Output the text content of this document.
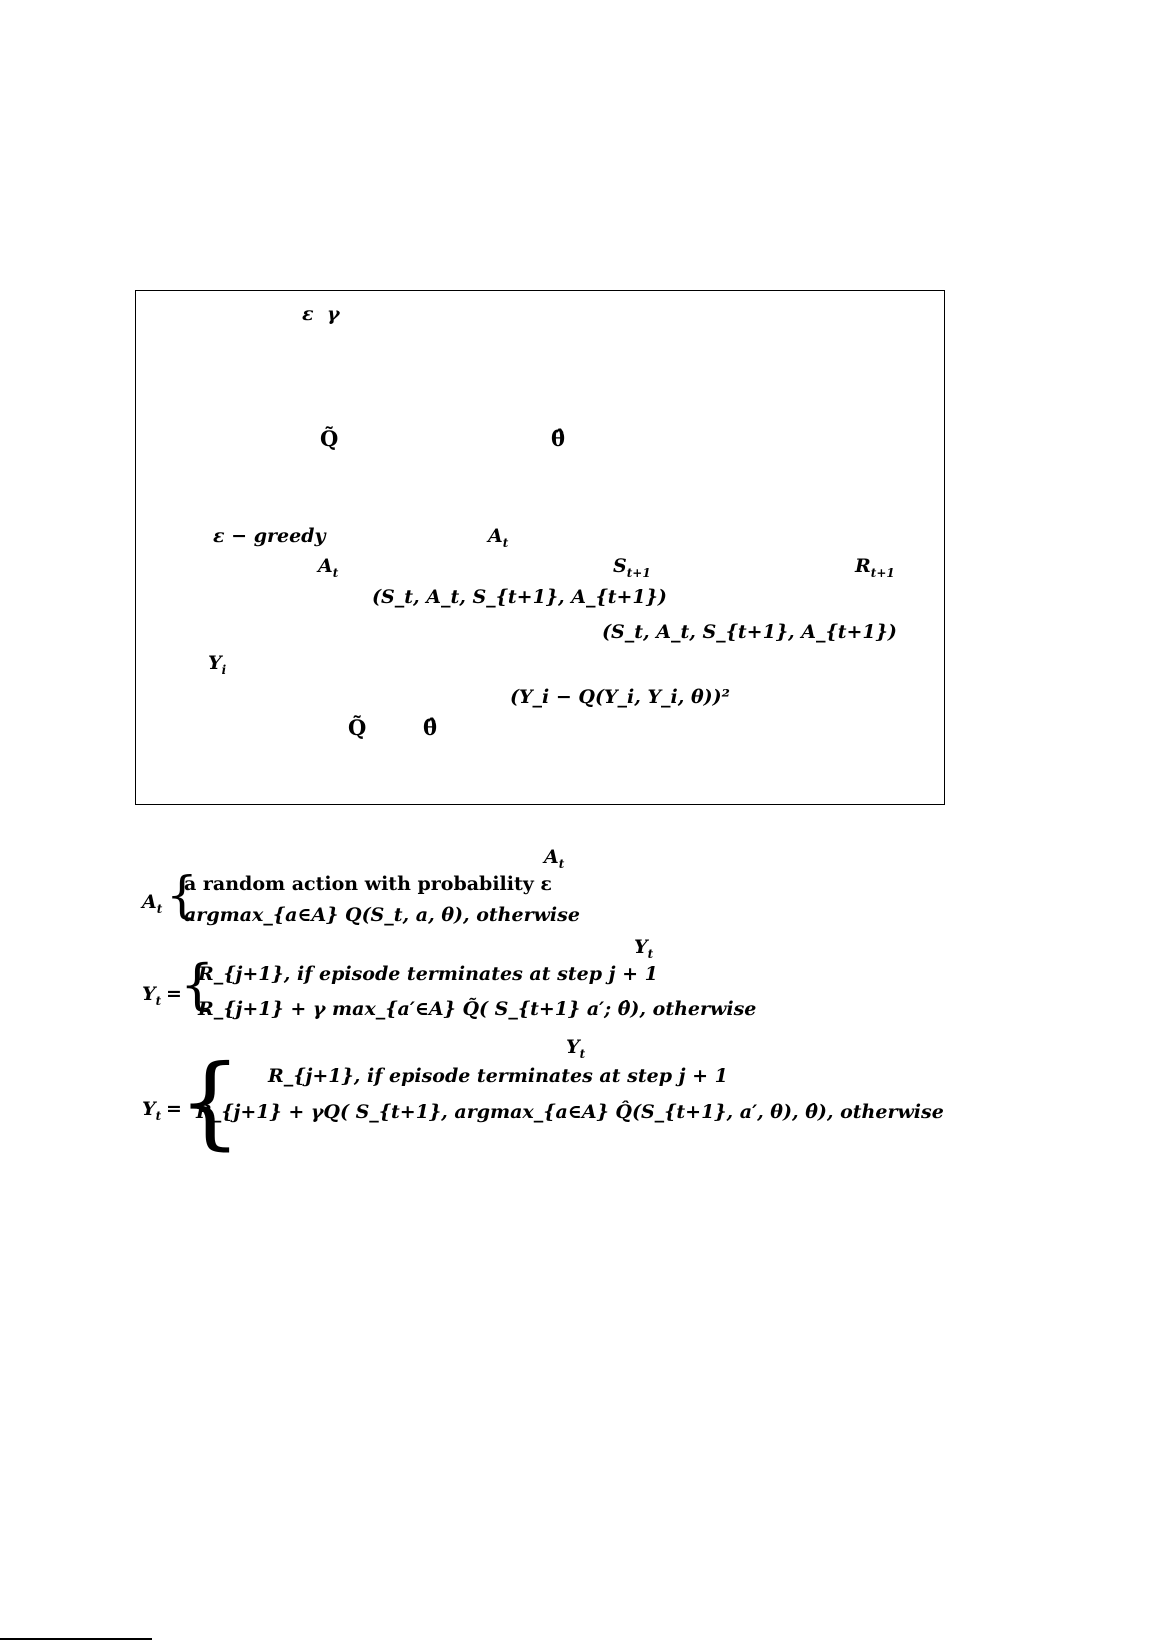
ε γ
Q̃	θ̂
ε − greedy	$A_t$
$A_t$	$S_{t+1}$	$R_{t+1}$
(S_t, A_t, S_{t+1}, A_{t+1})
(S_t, A_t, S_{t+1}, A_{t+1})
$Y_i$
(Y_i − Q(Y_i, Y_i, θ))²
Q̃	θ̂
$A_t$
$A_t$ {
a random action with probability ε
argmax_{a∈A} Q(S_t, a, θ), otherwise
$Y_t$
$Y_t$ =
{
R_{j+1}, if episode terminates at step j + 1
R_{j+1} + γ max_{a′∈A} Q̃( S_{t+1} a′; θ̂), otherwise
$Y_t$
$Y_t$ =
{ R_{j+1}, if episode terminates at step j + 1
R_{j+1} + γQ( S_{t+1}, argmax_{a∈A} Q̂(S_{t+1}, a′, θ), θ̂), otherwise
